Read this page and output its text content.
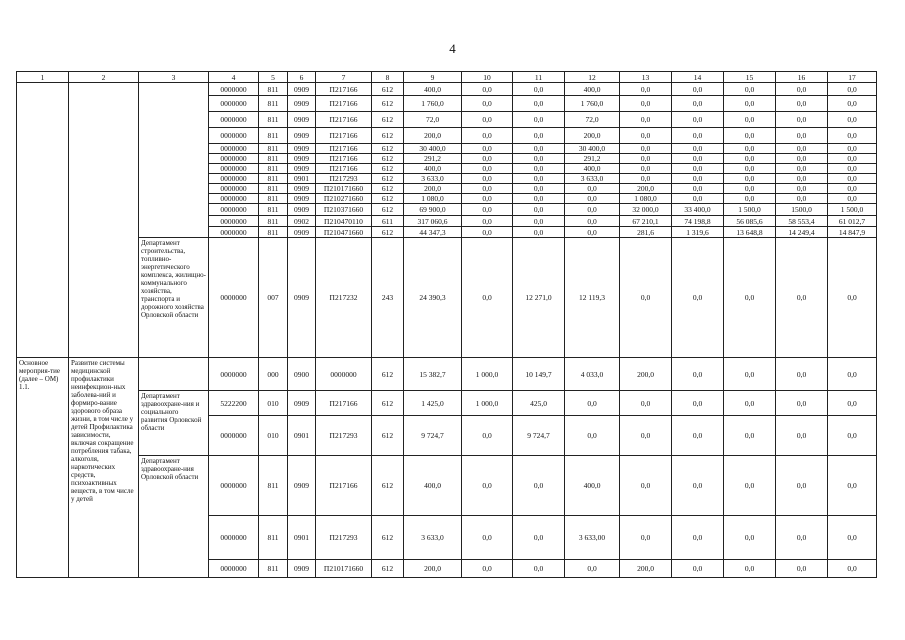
4
1	2	3	4	5	6	7	8	9	10	11	12	13	14	15	16	17
			0000000	811	0909	П217166	612	400,0	0,0	0,0	400,0	0,0	0,0	0,0	0,0	0,0
			0000000	811	0909	П217166	612	1 760,0	0,0	0,0	1 760,0	0,0	0,0	0,0	0,0	0,0
			0000000	811	0909	П217166	612	72,0	0,0	0,0	72,0	0,0	0,0	0,0	0,0	0,0
			0000000	811	0909	П217166	612	200,0	0,0	0,0	200,0	0,0	0,0	0,0	0,0	0,0
			0000000	811	0909	П217166	612	30 400,0	0,0	0,0	30 400,0	0,0	0,0	0,0	0,0	0,0
			0000000	811	0909	П217166	612	291,2	0,0	0,0	291,2	0,0	0,0	0,0	0,0	0,0
			0000000	811	0909	П217166	612	400,0	0,0	0,0	400,0	0,0	0,0	0,0	0,0	0,0
			0000000	811	0901	П217293	612	3 633,0	0,0	0,0	3 633,0	0,0	0,0	0,0	0,0	0,0
			0000000	811	0909	П210171660	612	200,0	0,0	0,0	0,0	200,0	0,0	0,0	0,0	0,0
			0000000	811	0909	П210271660	612	1 080,0	0,0	0,0	0,0	1 080,0	0,0	0,0	0,0	0,0
			0000000	811	0909	П210371660	612	69 900,0	0,0	0,0	0,0	32 000,0	33 400,0	1 500,0	1500,0	1 500,0
			0000000	811	0902	П210470110	611	317 060,6	0,0	0,0	0,0	67 210,1	74 198,8	56 085,6	58 553,4	61 012,7
			0000000	811	0909	П210471660	612	44 347,3	0,0	0,0	0,0	281,6	1 319,6	13 648,8	14 249,4	14 847,9
		Департамент строительства, топливно-энергетического комплекса, жилищно-коммунального хозяйства, транспорта и дорожного хозяйства Орловской области	0000000	007	0909	П217232	243	24 390,3	0,0	12 271,0	12 119,3	0,0	0,0	0,0	0,0	0,0
Основное мероприя-тие (далее – ОМ) 1.1.	Развитие системы медицинской профилактики неинфекцион-ных заболева-ний и формиро-вание здорового образа жизни, в том числе у детей Профилактика зависимости, включая сокращение потребления табака, алкоголя, наркотических средств, психоактивных веществ, в том числе у детей		0000000	000	0900	0000000	612	15 382,7	1 000,0	10 149,7	4 033,0	200,0	0,0	0,0	0,0	0,0
		Департамент здравоохране-ния и социального развития Орловской области	5222200	010	0909	П217166	612	1 425,0	1 000,0	425,0	0,0	0,0	0,0	0,0	0,0	0,0
			0000000	010	0901	П217293	612	9 724,7	0,0	9 724,7	0,0	0,0	0,0	0,0	0,0	0,0
		Департамент здравоохране-ния Орловской области	0000000	811	0909	П217166	612	400,0	0,0	0,0	400,0	0,0	0,0	0,0	0,0	0,0
			0000000	811	0901	П217293	612	3 633,0	0,0	0,0	3 633,00	0,0	0,0	0,0	0,0	0,0
			0000000	811	0909	П210171660	612	200,0	0,0	0,0	0,0	200,0	0,0	0,0	0,0	0,0
